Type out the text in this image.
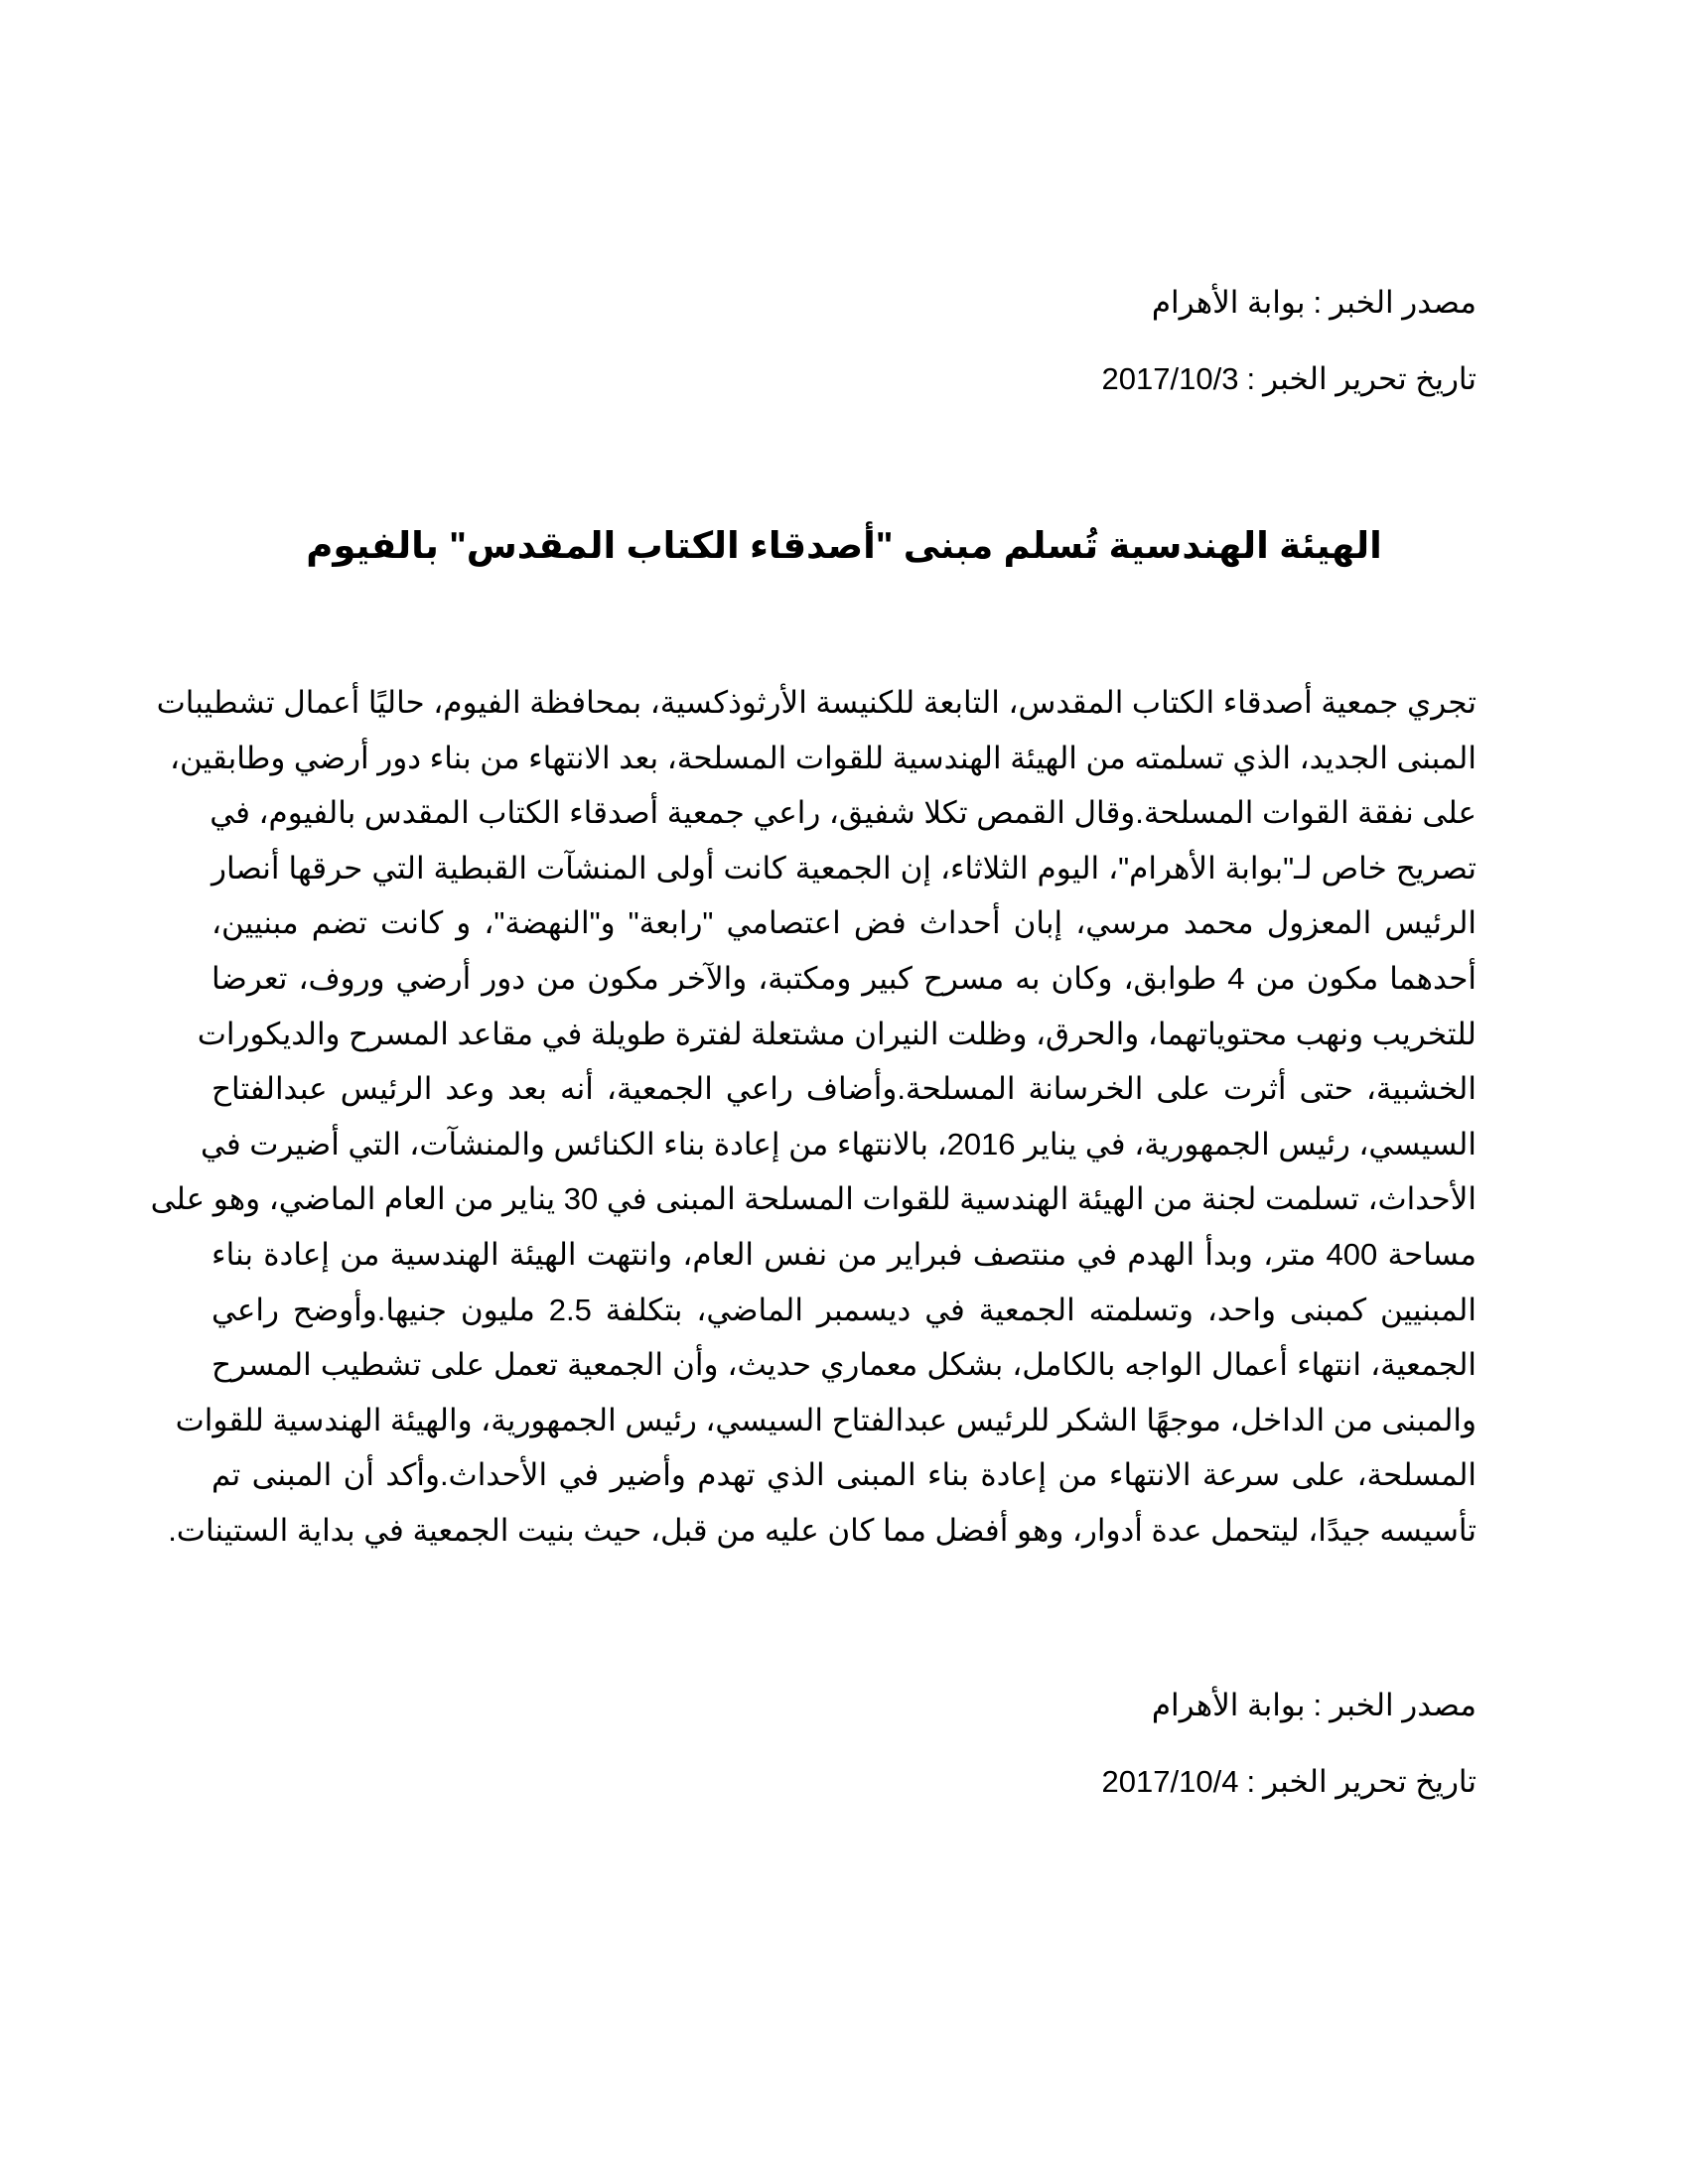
مصدر الخبر:بوابة الأهرام
تاريخ تحرير الخبر:2017/10/3
الهيئة الهندسية تُسلم مبنى "أصدقاء الكتاب المقدس" بالفيوم
تجري جمعية أصدقاء الكتاب المقدس، التابعة للكنيسة الأرثوذكسية، بمحافظة الفيوم، حاليًا أعمال تشطيبات
المبنى الجديد، الذي تسلمته من الهيئة الهندسية للقوات المسلحة، بعد الانتهاء من بناء دور أرضي وطابقين،
على نفقة القوات المسلحة.وقال القمص تكلا شفيق، راعي جمعية أصدقاء الكتاب المقدس بالفيوم، في
تصريح خاص لـ"بوابة الأهرام"، اليوم الثلاثاء، إن الجمعية كانت أولى المنشآت القبطية التي حرقها أنصار
الرئيس المعزول محمد مرسي، إبان أحداث فض اعتصامي "رابعة" و"النهضة"، و كانت تضم مبنيين،
أحدهما مكون من 4 طوابق، وكان به مسرح كبير ومكتبة، والآخر مكون من دور أرضي وروف، تعرضا
للتخريب ونهب محتوياتهما، والحرق، وظلت النيران مشتعلة لفترة طويلة في مقاعد المسرح والديكورات
الخشبية، حتى أثرت على الخرسانة المسلحة.وأضاف راعي الجمعية، أنه بعد وعد الرئيس عبدالفتاح
السيسي، رئيس الجمهورية، في يناير 2016، بالانتهاء من إعادة بناء الكنائس والمنشآت، التي أضيرت في
الأحداث، تسلمت لجنة من الهيئة الهندسية للقوات المسلحة المبنى في 30 يناير من العام الماضي، وهو على
مساحة 400 متر، وبدأ الهدم في منتصف فبراير من نفس العام، وانتهت الهيئة الهندسية من إعادة بناء
المبنيين كمبنى واحد، وتسلمته الجمعية في ديسمبر الماضي، بتكلفة 2.5 مليون جنيها.وأوضح راعي
الجمعية، انتهاء أعمال الواجه بالكامل، بشكل معماري حديث، وأن الجمعية تعمل على تشطيب المسرح
والمبنى من الداخل، موجهًا الشكر للرئيس عبدالفتاح السيسي، رئيس الجمهورية، والهيئة الهندسية للقوات
المسلحة، على سرعة الانتهاء من إعادة بناء المبنى الذي تهدم وأضير في الأحداث.وأكد أن المبنى تم
تأسيسه جيدًا، ليتحمل عدة أدوار، وهو أفضل مما كان عليه من قبل، حيث بنيت الجمعية في بداية الستينات.
مصدر الخبر:بوابة الأهرام
تاريخ تحرير الخبر:2017/10/4
